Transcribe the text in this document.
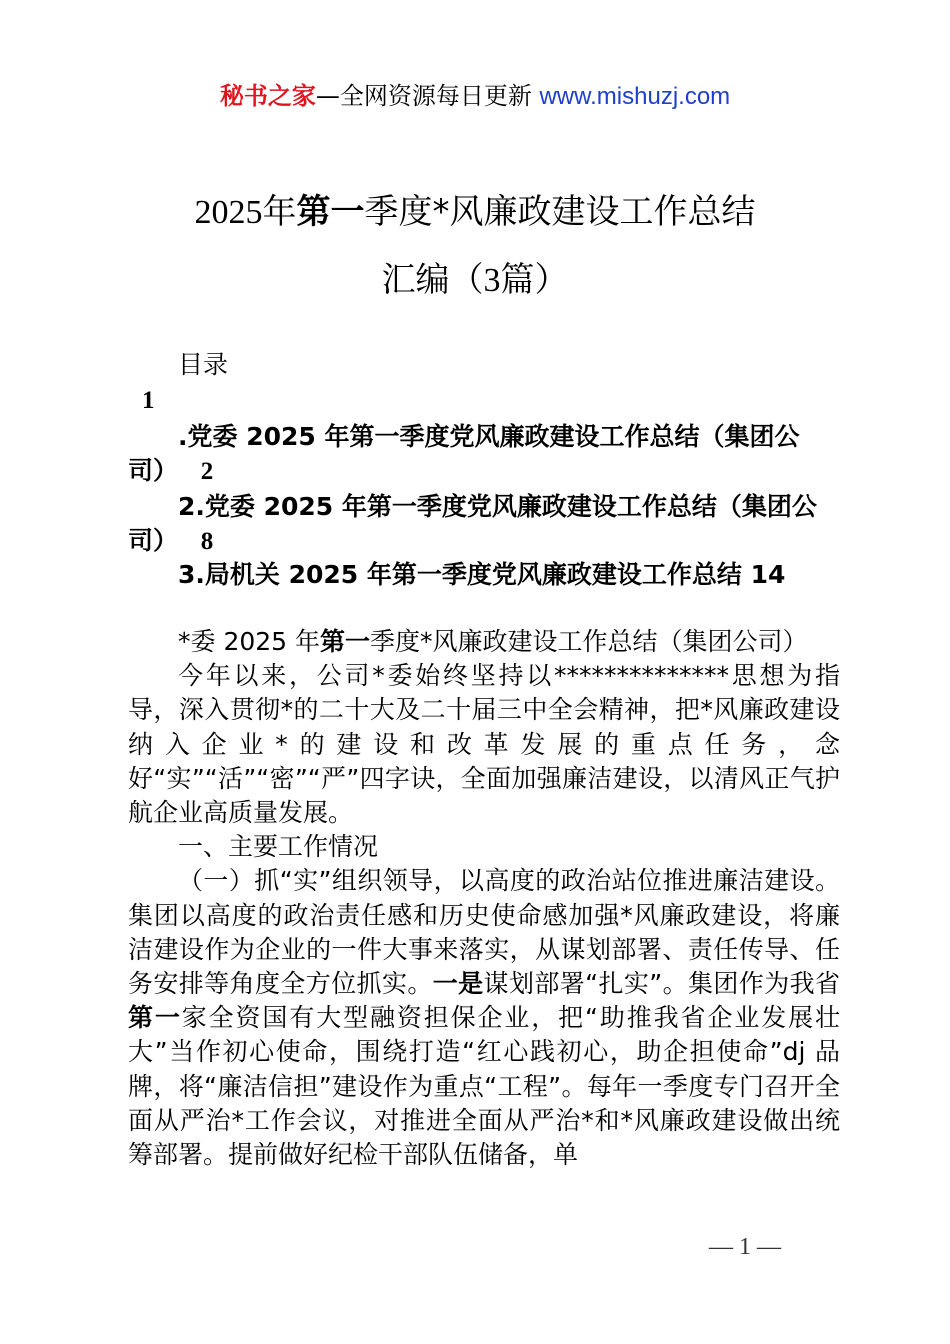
秘书之家—全网资源每日更新 www.mishuzj.com
2025年第一季度*风廉政建设工作总结
汇编（3篇）
目录
1
.党委 2025 年第一季度党风廉政建设工作总结（集团公
司） 2
2.党委 2025 年第一季度党风廉政建设工作总结（集团公
司） 8
3.局机关 2025 年第一季度党风廉政建设工作总结 14

*委 2025 年第一季度*风廉政建设工作总结（集团公司）

今年以来，公司*委始终坚持以**************思想为指导，深入贯彻*的二十大及二十届三中全会精神，把*风廉政建设纳入企业*的建设和改革发展的重点任务，念好“实”“活”“密”“严”四字诀，全面加强廉洁建设，以清风正气护航企业高质量发展。

一、主要工作情况

（一）抓“实”组织领导，以高度的政治站位推进廉洁建设。集团以高度的政治责任感和历史使命感加强*风廉政建设，将廉洁建设作为企业的一件大事来落实，从谋划部署、责任传导、任务安排等角度全方位抓实。一是谋划部署“扎实”。集团作为我省第一家全资国有大型融资担保企业，把“助推我省企业发展壮大”当作初心使命，围绕打造“红心践初心，助企担使命”dj 品牌，将“廉洁信担”建设作为重点“工程”。每年一季度专门召开全面从严治*工作会议，对推进全面从严治*和*风廉政建设做出统筹部署。提前做好纪检干部队伍储备，单

— 1 —
